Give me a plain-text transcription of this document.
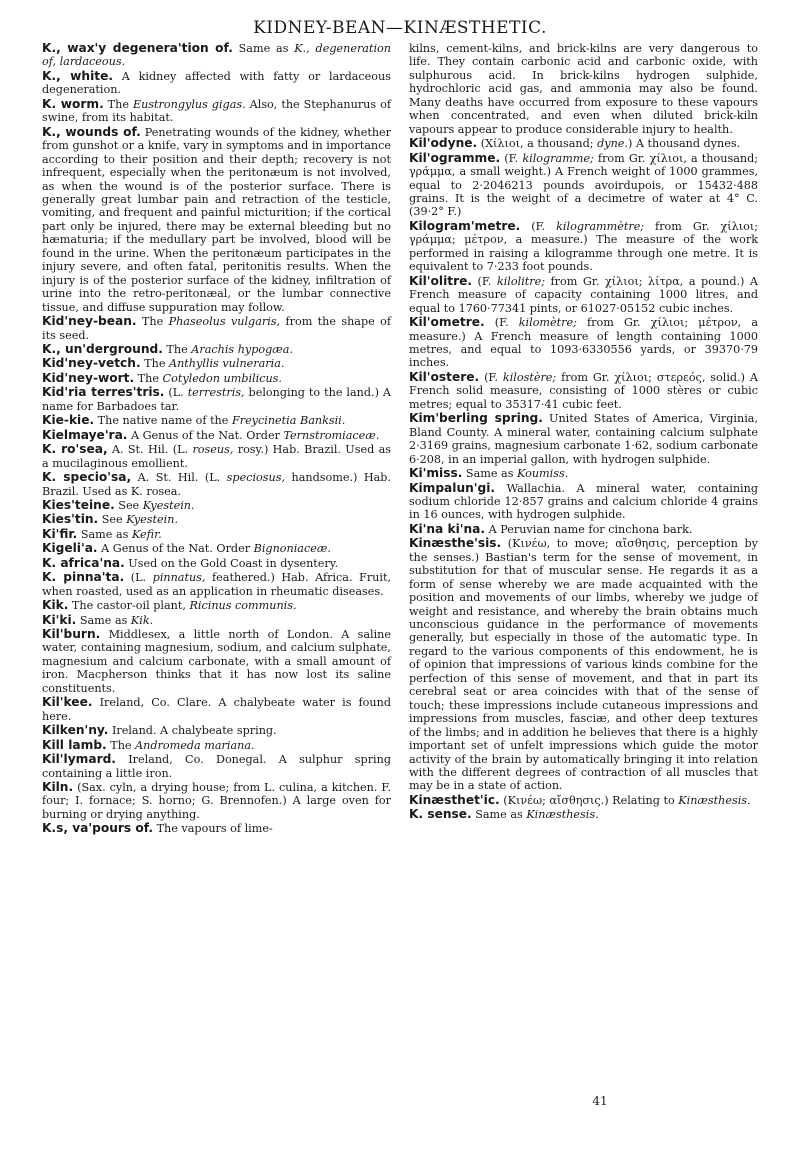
KIDNEY-BEAN—KINÆSTHETIC.

K., wax'y degenera'tion of. Same as K., degeneration of, lardaceous.

K., white. A kidney affected with fatty or lardaceous degeneration.

K. worm. The Eustrongylus gigas. Also, the Stephanurus of swine, from its habitat.

K., wounds of. Penetrating wounds of the kidney, whether from gunshot or a knife, vary in symptoms and in importance according to their position and their depth; recovery is not infrequent, especially when the peritonæum is not involved, as when the wound is of the posterior surface. There is generally great lumbar pain and retraction of the testicle, vomiting, and frequent and painful micturition; if the cortical part only be injured, there may be external bleeding but no hæmaturia; if the medullary part be involved, blood will be found in the urine. When the peritonæum participates in the injury severe, and often fatal, peritonitis results. When the injury is of the posterior surface of the kidney, infiltration of urine into the retro-peritonæal, or the lumbar connective tissue, and diffuse suppuration may follow.

Kid'ney-bean. The Phaseolus vulgaris, from the shape of its seed.

K., un'derground. The Arachis hypogæa.

Kid'ney-vetch. The Anthyllis vulneraria.

Kid'ney-wort. The Cotyledon umbilicus.

Kid'ria terres'tris. (L. terrestris, belonging to the land.) A name for Barbadoes tar.

Kie-kie. The native name of the Freycinetia Banksii.

Kielmaye'ra. A Genus of the Nat. Order Ternstromiaceæ.

K. ro'sea, A. St. Hil. (L. roseus, rosy.) Hab. Brazil. Used as a mucilaginous emollient.

K. specio'sa, A. St. Hil. (L. speciosus, handsome.) Hab. Brazil. Used as K. rosea.

Kies'teine. See Kyestein.

Kies'tin. See Kyestein.

Ki'fir. Same as Kefir.

Kigeli'a. A Genus of the Nat. Order Bignoniaceæ.

K. africa'na. Used on the Gold Coast in dysentery.

K. pinna'ta. (L. pinnatus, feathered.) Hab. Africa. Fruit, when roasted, used as an application in rheumatic diseases.

Kik. The castor-oil plant, Ricinus communis.

Ki'ki. Same as Kik.

Kil'burn. Middlesex, a little north of London. A saline water, containing magnesium, sodium, and calcium sulphate, magnesium and calcium carbonate, with a small amount of iron. Macpherson thinks that it has now lost its saline constituents.

Kil'kee. Ireland, Co. Clare. A chalybeate water is found here.

Kilken'ny. Ireland. A chalybeate spring.

Kill lamb. The Andromeda mariana.

Kil'lymard. Ireland, Co. Donegal. A sulphur spring containing a little iron.

Kiln. (Sax. cyln, a drying house; from L. culina, a kitchen. F. four; I. fornace; S. horno; G. Brennofen.) A large oven for burning or drying anything.

K.s, va'pours of. The vapours of lime-

kilns, cement-kilns, and brick-kilns are very dangerous to life. They contain carbonic acid and carbonic oxide, with sulphurous acid. In brick-kilns hydrogen sulphide, hydrochloric acid gas, and ammonia may also be found. Many deaths have occurred from exposure to these vapours when concentrated, and even when diluted brick-kiln vapours appear to produce considerable injury to health.

Kil'odyne. (Χίλιοι, a thousand; dyne.) A thousand dynes.

Kil'ogramme. (F. kilogramme; from Gr. χίλιοι, a thousand; γράμμα, a small weight.) A French weight of 1000 grammes, equal to 2·2046213 pounds avoirdupois, or 15432·488 grains. It is the weight of a decimetre of water at 4° C. (39·2° F.)

Kilogram'metre. (F. kilogrammètre; from Gr. χίλιοι; γράμμα; μέτρον, a measure.) The measure of the work performed in raising a kilogramme through one metre. It is equivalent to 7·233 foot pounds.

Kil'olitre. (F. kilolitre; from Gr. χίλιοι; λίτρα, a pound.) A French measure of capacity containing 1000 litres, and equal to 1760·77341 pints, or 61027·05152 cubic inches.

Kil'ometre. (F. kilomètre; from Gr. χίλιοι; μέτρον, a measure.) A French measure of length containing 1000 metres, and equal to 1093·6330556 yards, or 39370·79 inches.

Kil'ostere. (F. kilostère; from Gr. χίλιοι; στερεός, solid.) A French solid measure, consisting of 1000 stères or cubic metres; equal to 35317·41 cubic feet.

Kim'berling spring. United States of America, Virginia, Bland County. A mineral water, containing calcium sulphate 2·3169 grains, magnesium carbonate 1·62, sodium carbonate 6·208, in an imperial gallon, with hydrogen sulphide.

Ki'miss. Same as Koumiss.

Kimpalun'gi. Wallachia. A mineral water, containing sodium chloride 12·857 grains and calcium chloride 4 grains in 16 ounces, with hydrogen sulphide.

Ki'na ki'na. A Peruvian name for cinchona bark.

Kinæsthe'sis. (Κινέω, to move; αἴσθησις, perception by the senses.) Bastian's term for the sense of movement, in substitution for that of muscular sense. He regards it as a form of sense whereby we are made acquainted with the position and movements of our limbs, whereby we judge of weight and resistance, and whereby the brain obtains much unconscious guidance in the performance of movements generally, but especially in those of the automatic type. In regard to the various components of this endowment, he is of opinion that impressions of various kinds combine for the perfection of this sense of movement, and that in part its cerebral seat or area coincides with that of the sense of touch; these impressions include cutaneous impressions and impressions from muscles, fasciæ, and other deep textures of the limbs; and in addition he believes that there is a highly important set of unfelt impressions which guide the motor activity of the brain by automatically bringing it into relation with the different degrees of contraction of all muscles that may be in a state of action.

Kinæsthet'ic. (Κινέω; αἴσθησις.) Relating to Kinæsthesis.

K. sense. Same as Kinæsthesis.

41
